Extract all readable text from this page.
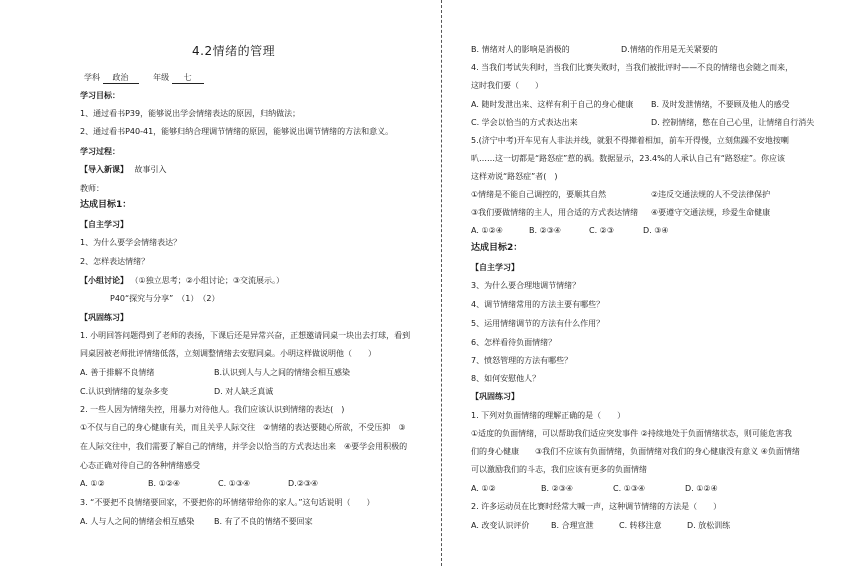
4.2情绪的管理
学科 政治	年级 七
学习目标：
1、通过看书P39，能够说出学会情绪表达的原因，归纳做法；
2、通过看书P40-41，能够归纳合理调节情绪的原因，能够说出调节情绪的方法和意义。
学习过程：
【导入新课】 故事引入
教师：
达成目标1：
【自主学习】
1、为什么要学会情绪表达？
2、怎样表达情绪？
【小组讨论】 （①独立思考；②小组讨论；③交流展示。）
P40“探究与分享”　（1）　（2）
【巩固练习】
1. 小明回答问题得到了老师的表扬，下课后还是异常兴奋，正想邀请同桌一块出去打球，看到
同桌因被老师批评情绪低落，立刻调整情绪去安慰同桌。小明这样做说明他（　　）
A. 善于排解不良情绪	B.认识到人与人之间的情绪会相互感染
C.认识到情绪的复杂多变	D. 对人缺乏真诚
2. 一些人因为情绪失控，用暴力对待他人。我们应该认识到情绪的表达(　)
①不仅与自己的身心健康有关，而且关乎人际交往　②情绪的表达要随心所欲，不受压抑　③
在人际交往中，我们需要了解自己的情绪，并学会以恰当的方式表达出来　④要学会用积极的
心态正确对待自己的各种情绪感受
A. ①②	B. ①②④	C. ①③④	D.②③④
3. “不要把不良情绪要回家，不要把你的坏情绪带给你的家人。”这句话说明（　　）
A. 人与人之间的情绪会相互感染 B. 有了不良的情绪不要回家
B. 情绪对人的影响是消极的	D.情绪的作用是无关紧要的
4. 当我们考试失利时，当我们比赛失败时，当我们被批评时——不良的情绪也会随之而来，
这时我们要（　　）
A. 随时发泄出来、这样有利于自己的身心健康 B. 及时发泄情绪，不要顾及他人的感受
C. 学会以恰当的方式表达出来	D. 控制情绪，憋在自己心里，让情绪自行消失
5.(济宁中考)开车见有人非法并线，就狠不得撵着相加，前车开得慢，立刻焦躁不安地按喇
叭……这一切都是“路怒症”惹的祸。数据显示，23.4%的人承认自己有“路怒症”。你应该
这样劝说“路怒症”者(　)
①情绪是不能自己调控的，要顺其自然	②违反交通法规的人不受法律保护
③我们要做情绪的主人，用合适的方式表达情绪 ④要遵守交通法规，珍爱生命健康
A. ①②④	B. ②③④	C. ②③	D. ③④
达成目标2：
【自主学习】
3、为什么要合理地调节情绪？
4、调节情绪常用的方法主要有哪些？
5、运用情绪调节的方法有什么作用？
6、怎样看待负面情绪？
7、愤怒管理的方法有哪些？
8、如何安慰他人？
【巩固练习】
1. 下列对负面情绪的理解正确的是（　　）
①适度的负面情绪，可以帮助我们适应突发事件 ②持续地处于负面情绪状态，则可能危害我
们的身心健康　　③我们不应该有负面情绪，负面情绪对我们的身心健康没有意义 ④负面情绪
可以激励我们的斗志，我们应该有更多的负面情绪
A. ①②	B. ②③④	C. ①③④	D. ①②④
2. 许多运动员在比赛时经常大喊一声，这种调节情绪的方法是（　　）
A. 改变认识评价	B. 合理宣泄	C. 转移注意	D. 放松训练
